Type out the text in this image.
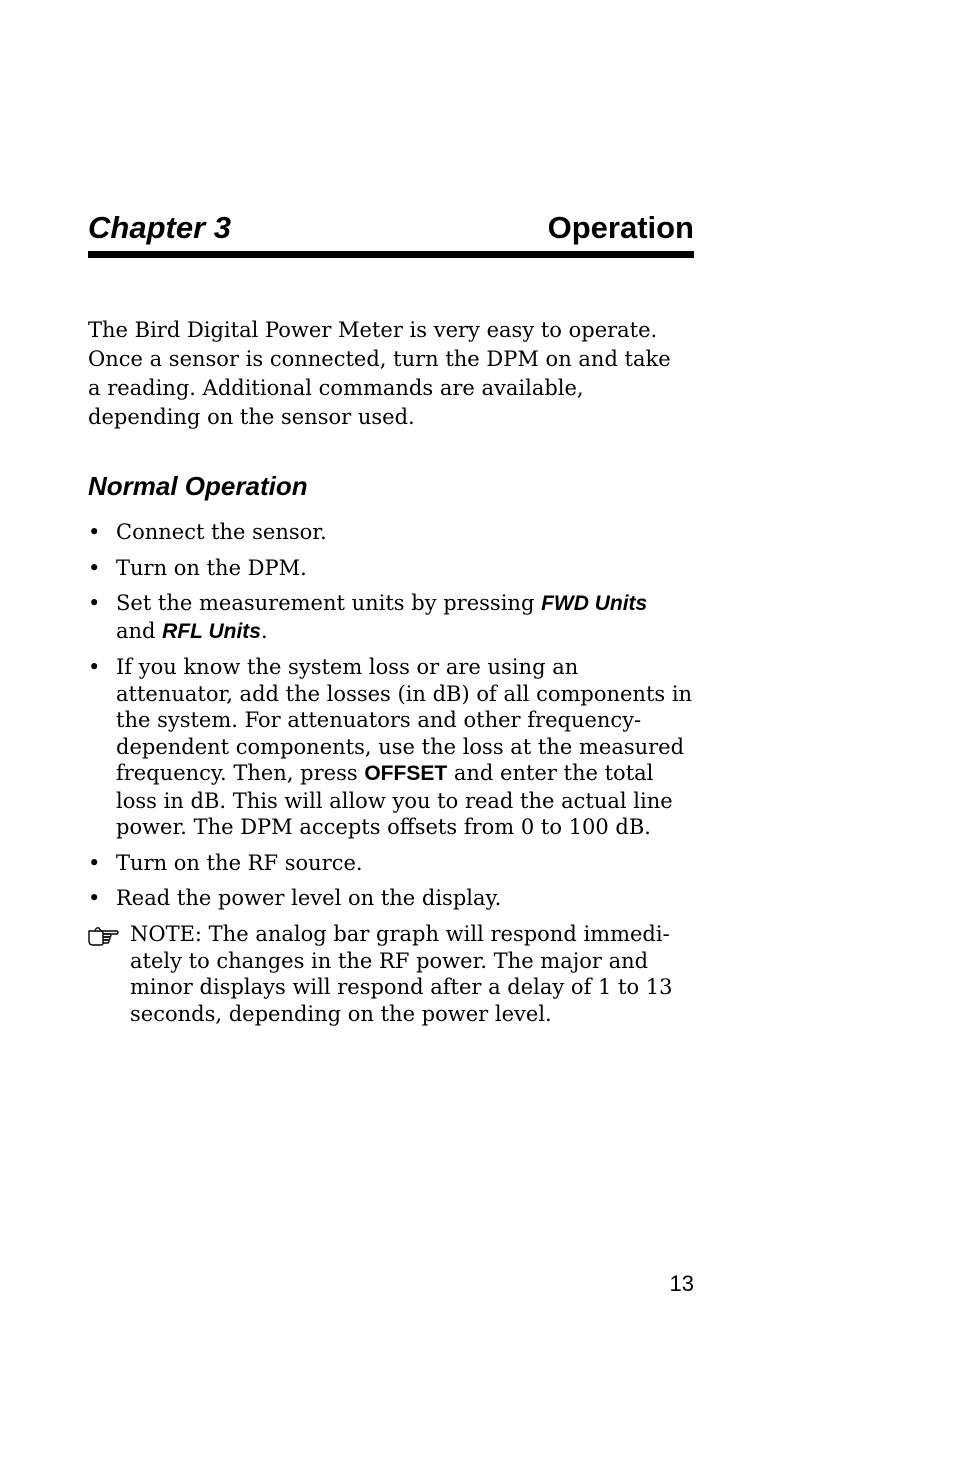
Chapter 3	Operation

The Bird Digital Power Meter is very easy to operate.

Once a sensor is connected, turn the DPM on and take

a reading. Additional commands are available,

depending on the sensor used.

Normal Operation
• Connect the sensor.
• Turn on the DPM.
• Set the measurement units by pressing FWD Units
and RFL Units.
• If you know the system loss or are using an attenuator, add the losses (in dB) of all components in the system. For attenuators and other frequency-dependent components, use the loss at the measured frequency. Then, press OFFSET and enter the total loss in dB. This will allow you to read the actual line power. The DPM accepts offsets from 0 to 100 dB.
• Turn on the RF source.
• Read the power level on the display.
NOTE: The analog bar graph will respond immedi-ately to changes in the RF power. The major and minor displays will respond after a delay of 1 to 13 seconds, depending on the power level.
13
